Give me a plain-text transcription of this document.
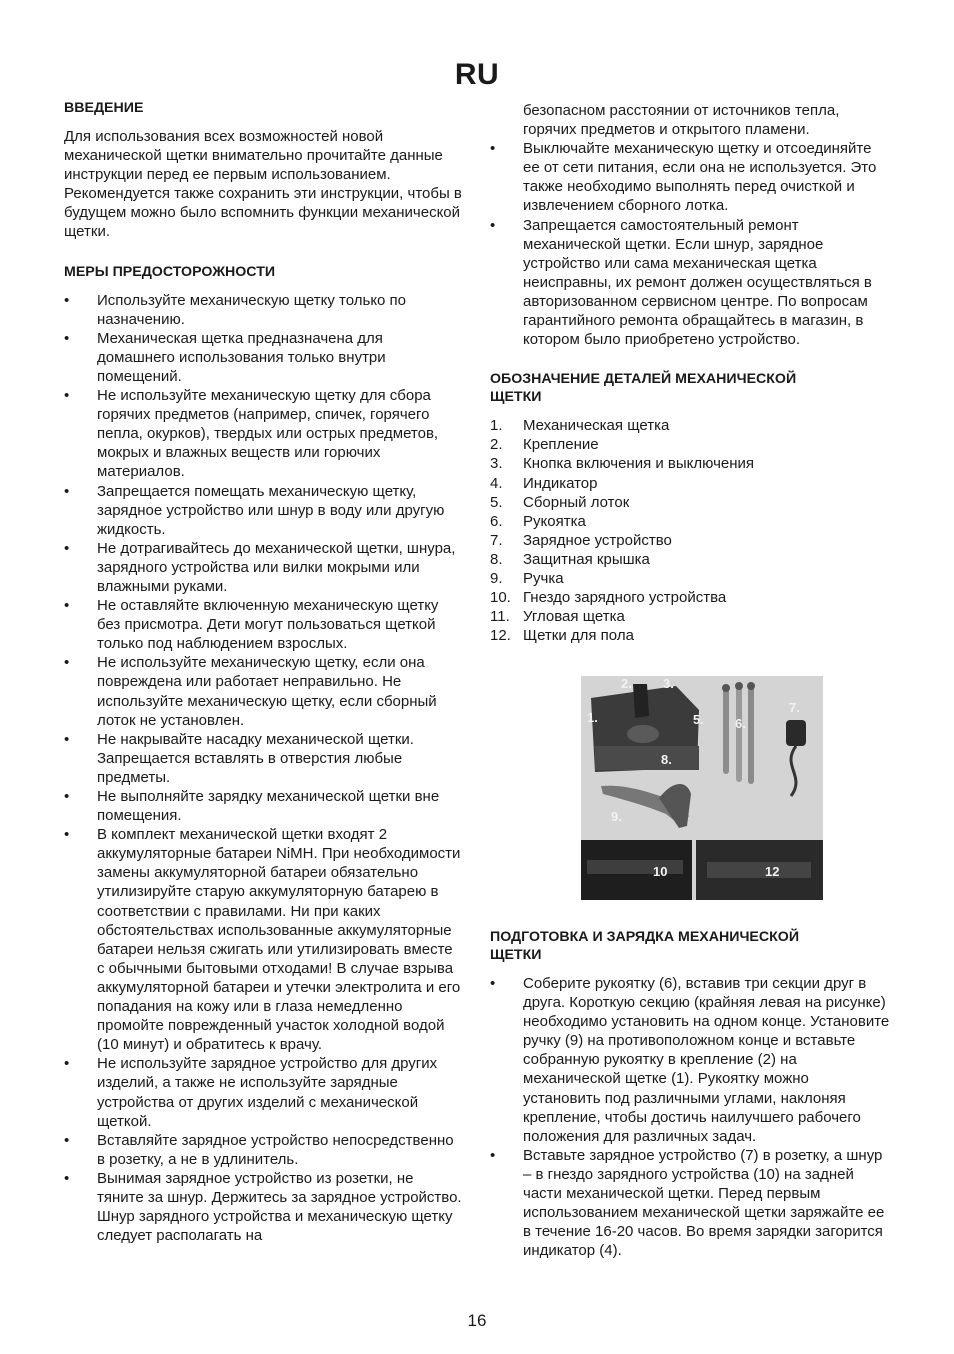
RU
ВВЕДЕНИЕ

Для использования всех возможностей новой механической щетки внимательно прочитайте данные инструкции перед ее первым использованием. Рекомендуется также сохранить эти инструкции, чтобы в будущем можно было вспомнить функции механической щетки.

МЕРЫ ПРЕДОСТОРОЖНОСТИ
• Используйте механическую щетку только по назначению.
• Механическая щетка предназначена для домашнего использования только внутри помещений.
• Не используйте механическую щетку для сбора горячих предметов (например, спичек, горячего пепла, окурков), твердых или острых предметов, мокрых и влажных веществ или горючих материалов.
• Запрещается помещать механическую щетку, зарядное устройство или шнур в воду или другую жидкость.
• Не дотрагивайтесь до механической щетки, шнура, зарядного устройства или вилки мокрыми или влажными руками.
• Не оставляйте включенную механическую щетку без присмотра. Дети могут пользоваться щеткой только под наблюдением взрослых.
• Не используйте механическую щетку, если она повреждена или работает неправильно. Не используйте механическую щетку, если сборный лоток не установлен.
• Не накрывайте насадку механической щетки. Запрещается вставлять в отверстия любые предметы.
• Не выполняйте зарядку механической щетки вне помещения.
• В комплект механической щетки входят 2 аккумуляторные батареи NiMH. При необходимости замены аккумуляторной батареи обязательно утилизируйте старую аккумуляторную батарею в соответствии с правилами. Ни при каких обстоятельствах использованные аккумуляторные батареи нельзя сжигать или утилизировать вместе с обычными бытовыми отходами! В случае взрыва аккумуляторной батареи и утечки электролита и его попадания на кожу или в глаза немедленно промойте поврежденный участок холодной водой (10 минут) и обратитесь к врачу.
• Не используйте зарядное устройство для других изделий, а также не используйте зарядные устройства от других изделий с механической щеткой.
• Вставляйте зарядное устройство непосредственно в розетку, а не в удлинитель.
• Вынимая зарядное устройство из розетки, не тяните за шнур. Держитесь за зарядное устройство. Шнур зарядного устройства и механическую щетку следует располагать на

безопасном расстоянии от источников тепла, горячих предметов и открытого пламени.

• Выключайте механическую щетку и отсоединяйте ее от сети питания, если она не используется. Это также необходимо выполнять перед очисткой и извлечением сборного лотка.
• Запрещается самостоятельный ремонт механической щетки. Если шнур, зарядное устройство или сама механическая щетка неисправны, их ремонт должен осуществляться в авторизованном сервисном центре. По вопросам гарантийного ремонта обращайтесь в магазин, в котором было приобретено устройство.
ОБОЗНАЧЕНИЕ ДЕТАЛЕЙ МЕХАНИЧЕСКОЙ
ЩЕТКИ
1. Механическая щетка
2. Крепление
3. Кнопка включения и выключения
4. Индикатор
5. Сборный лоток
6. Рукоятка
7. Зарядное устройство
8. Защитная крышка
9. Ручка
10. Гнездо зарядного устройства
11. Угловая щетка
12. Щетки для пола
1.
2. 3.
5. 6.
7.
8.
9.
10	12
ПОДГОТОВКА И ЗАРЯДКА МЕХАНИЧЕСКОЙ
ЩЕТКИ
• Соберите рукоятку (6), вставив три секции друг в друга. Короткую секцию (крайняя левая на рисунке) необходимо установить на одном конце. Установите ручку (9) на противоположном конце и вставьте собранную рукоятку в крепление (2) на механической щетке (1). Рукоятку можно установить под различными углами, наклоняя крепление, чтобы достичь наилучшего рабочего положения для различных задач.
• Вставьте зарядное устройство (7) в розетку, а шнур – в гнездо зарядного устройства (10) на задней части механической щетки. Перед первым использованием механической щетки заряжайте ее в течение 16-20 часов. Во время зарядки загорится индикатор (4).
16
